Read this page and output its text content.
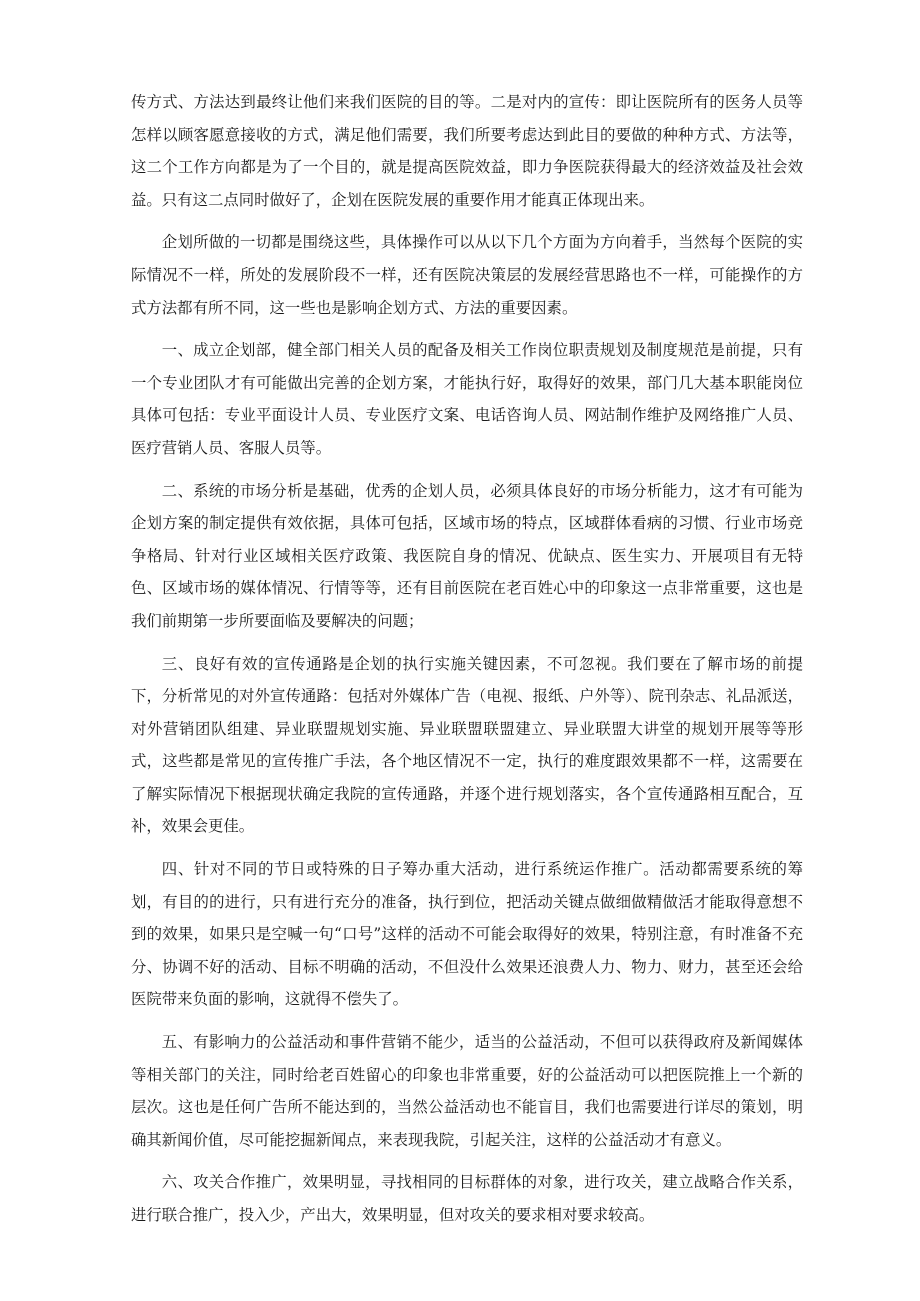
传方式、方法达到最终让他们来我们医院的目的等。二是对内的宣传：即让医院所有的医务人员等怎样以顾客愿意接收的方式，满足他们需要，我们所要考虑达到此目的要做的种种方式、方法等，这二个工作方向都是为了一个目的，就是提高医院效益，即力争医院获得最大的经济效益及社会效益。只有这二点同时做好了，企划在医院发展的重要作用才能真正体现出来。

企划所做的一切都是围绕这些，具体操作可以从以下几个方面为方向着手，当然每个医院的实际情况不一样，所处的发展阶段不一样，还有医院决策层的发展经营思路也不一样，可能操作的方式方法都有所不同，这一些也是影响企划方式、方法的重要因素。

一、成立企划部，健全部门相关人员的配备及相关工作岗位职责规划及制度规范是前提，只有一个专业团队才有可能做出完善的企划方案，才能执行好，取得好的效果，部门几大基本职能岗位具体可包括：专业平面设计人员、专业医疗文案、电话咨询人员、网站制作维护及网络推广人员、医疗营销人员、客服人员等。

二、系统的市场分析是基础，优秀的企划人员，必须具体良好的市场分析能力，这才有可能为企划方案的制定提供有效依据，具体可包括，区域市场的特点，区域群体看病的习惯、行业市场竞争格局、针对行业区域相关医疗政策、我医院自身的情况、优缺点、医生实力、开展项目有无特色、区域市场的媒体情况、行情等等，还有目前医院在老百姓心中的印象这一点非常重要，这也是我们前期第一步所要面临及要解决的问题；

三、良好有效的宣传通路是企划的执行实施关键因素，不可忽视。我们要在了解市场的前提下，分析常见的对外宣传通路：包括对外媒体广告（电视、报纸、户外等）、院刊杂志、礼品派送，对外营销团队组建、异业联盟规划实施、异业联盟联盟建立、异业联盟大讲堂的规划开展等等形式，这些都是常见的宣传推广手法，各个地区情况不一定，执行的难度跟效果都不一样，这需要在了解实际情况下根据现状确定我院的宣传通路，并逐个进行规划落实，各个宣传通路相互配合，互补，效果会更佳。

四、针对不同的节日或特殊的日子筹办重大活动，进行系统运作推广。活动都需要系统的筹划，有目的的进行，只有进行充分的准备，执行到位，把活动关键点做细做精做活才能取得意想不到的效果，如果只是空喊一句“口号”这样的活动不可能会取得好的效果，特别注意，有时准备不充分、协调不好的活动、目标不明确的活动，不但没什么效果还浪费人力、物力、财力，甚至还会给医院带来负面的影响，这就得不偿失了。

五、有影响力的公益活动和事件营销不能少，适当的公益活动，不但可以获得政府及新闻媒体等相关部门的关注，同时给老百姓留心的印象也非常重要，好的公益活动可以把医院推上一个新的层次。这也是任何广告所不能达到的，当然公益活动也不能盲目，我们也需要进行详尽的策划，明确其新闻价值，尽可能挖掘新闻点，来表现我院，引起关注，这样的公益活动才有意义。

六、攻关合作推广，效果明显，寻找相同的目标群体的对象，进行攻关，建立战略合作关系，进行联合推广，投入少，产出大，效果明显，但对攻关的要求相对要求较高。
